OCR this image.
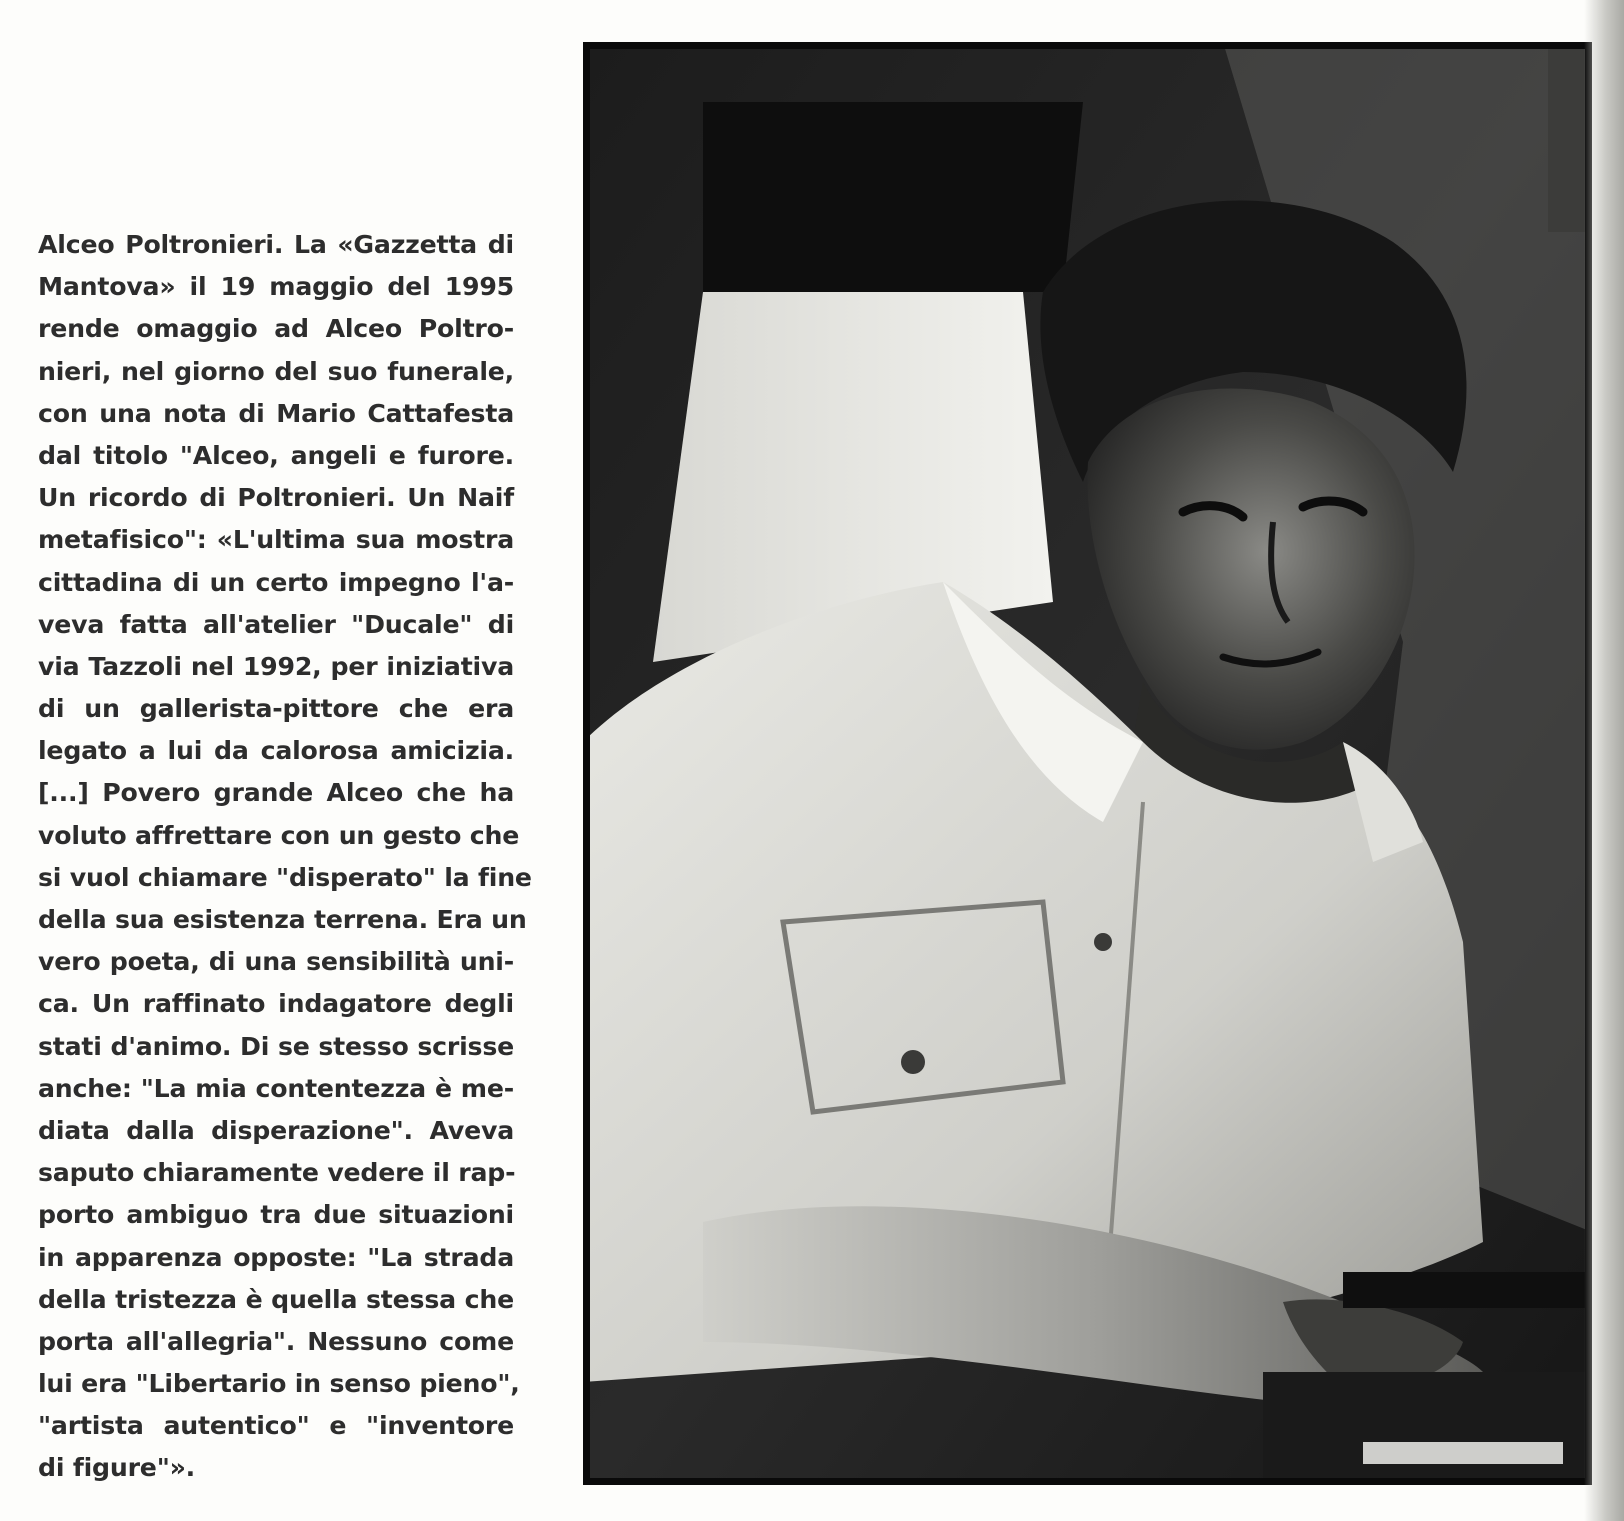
Alceo Poltronieri. La «Gazzetta di
Mantova» il 19 maggio del 1995
rende omaggio ad Alceo Poltro-
nieri, nel giorno del suo funerale,
con una nota di Mario Cattafesta
dal titolo "Alceo, angeli e furore.
Un ricordo di Poltronieri. Un Naif
metafisico": «L'ultima sua mostra
cittadina di un certo impegno l'a-
veva fatta all'atelier "Ducale" di
via Tazzoli nel 1992, per iniziativa
di un gallerista-pittore che era
legato a lui da calorosa amicizia.
[...] Povero grande Alceo che ha
voluto affrettare con un gesto che
si vuol chiamare "disperato" la fine
della sua esistenza terrena. Era un
vero poeta, di una sensibilità uni-
ca. Un raffinato indagatore degli
stati d'animo. Di se stesso scrisse
anche: "La mia contentezza è me-
diata dalla disperazione". Aveva
saputo chiaramente vedere il rap-
porto ambiguo tra due situazioni
in apparenza opposte: "La strada
della tristezza è quella stessa che
porta all'allegria". Nessuno come
lui era "Libertario in senso pieno",
"artista autentico" e "inventore
di figure"».
